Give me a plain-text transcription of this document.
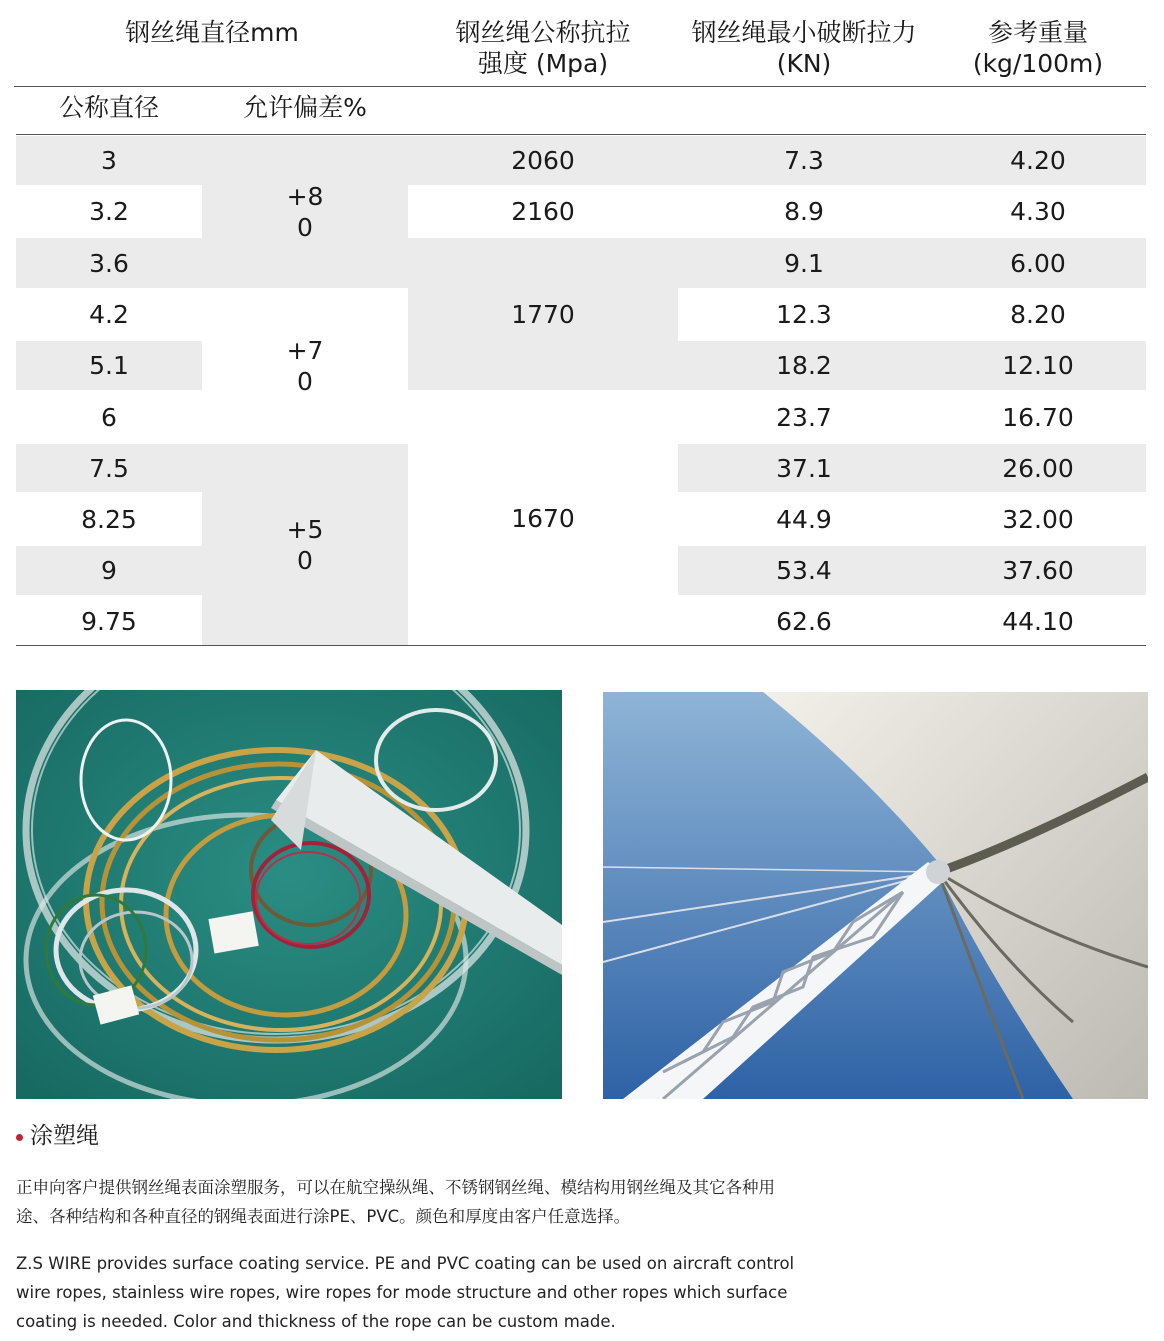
钢丝绳直径mm	钢丝绳公称抗拉
强度 (Mpa)
钢丝绳最小破断拉力
(KN)
参考重量
(kg/100m)
公称直径	允许偏差%
3
3.2
3.6
4.2
5.1
6
7.5
8.25
9
9.75
7.3
8.9
9.1
12.3
18.2
23.7
37.1
44.9
53.4
62.6
4.20
4.30
6.00
8.20
12.10
16.70
26.00
32.00
37.60
44.10
+8
0
+7
0
+5
0
2060
2160
1770
1670
涂塑绳
正申向客户提供钢丝绳表面涂塑服务，可以在航空操纵绳、不锈钢钢丝绳、模结构用钢丝绳及其它各种用
途、各种结构和各种直径的钢绳表面进行涂PE、PVC。颜色和厚度由客户任意选择。
Z.S WIRE provides surface coating service. PE and PVC coating can be used on aircraft control
wire ropes, stainless wire ropes, wire ropes for mode structure and other ropes which surface
coating is needed. Color and thickness of the rope can be custom made.
